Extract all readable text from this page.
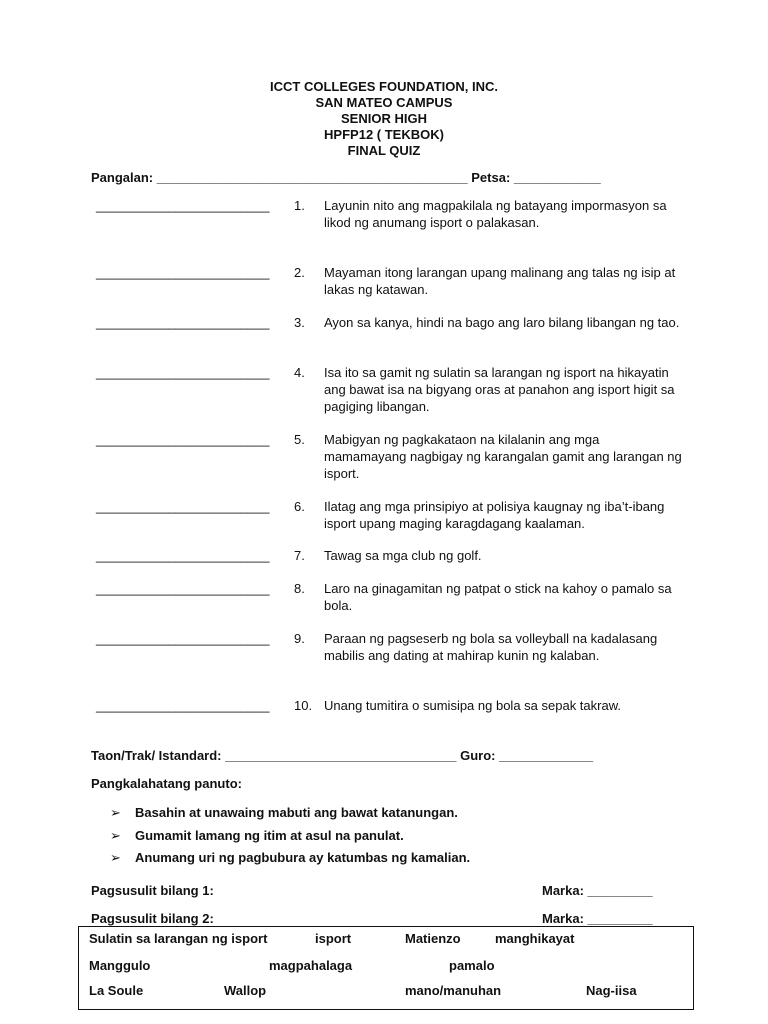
ICCT COLLEGES FOUNDATION, INC.
SAN MATEO CAMPUS
SENIOR HIGH
HPFP12 ( TEKBOK)
FINAL QUIZ
Pangalan: ___________________________________________ Petsa: ____________
________________________ 1.	Layunin nito ang magpakilala ng batayang impormasyon sa likod ng anumang isport o palakasan.
________________________ 2.	Mayaman itong larangan upang malinang ang talas ng isip at lakas ng katawan.
________________________ 3.	Ayon sa kanya, hindi na bago ang laro bilang libangan ng tao.
________________________ 4.	Isa ito sa gamit ng sulatin sa larangan ng isport na hikayatin ang bawat isa na bigyang oras at panahon ang isport higit sa pagiging libangan.
________________________ 5.	Mabigyan ng pagkakataon na kilalanin ang mga mamamayang nagbigay ng karangalan gamit ang larangan ng isport.
________________________ 6.	Ilatag ang mga prinsipiyo at polisiya kaugnay ng iba’t-ibang isport upang maging karagdagang kaalaman.
________________________ 7.	Tawag sa mga club ng golf.
________________________ 8.	Laro na ginagamitan ng patpat o stick na kahoy o pamalo sa bola.
________________________ 9.	Paraan ng pagseserb ng bola sa volleyball na kadalasang mabilis ang dating at mahirap kunin ng kalaban.
________________________ 10. Unang tumitira o sumisipa ng bola sa sepak takraw.
Taon/Trak/ Istandard: ________________________________ Guro: _____________
Pangkalahatang panuto:
➢ Basahin at unawaing mabuti ang bawat katanungan.
➢ Gumamit lamang ng itim at asul na panulat.
➢ Anumang uri ng pagbubura ay katumbas ng kamalian.
Pagsusulit bilang 1:	Marka: _________
Pagsusulit bilang 2:	Marka: _________
Sulatin sa larangan ng isport	isport	Matienzo	manghikayat
Manggulo	magpahalaga	pamalo
La Soule	Wallop	mano/manuhan	Nag-iisa
